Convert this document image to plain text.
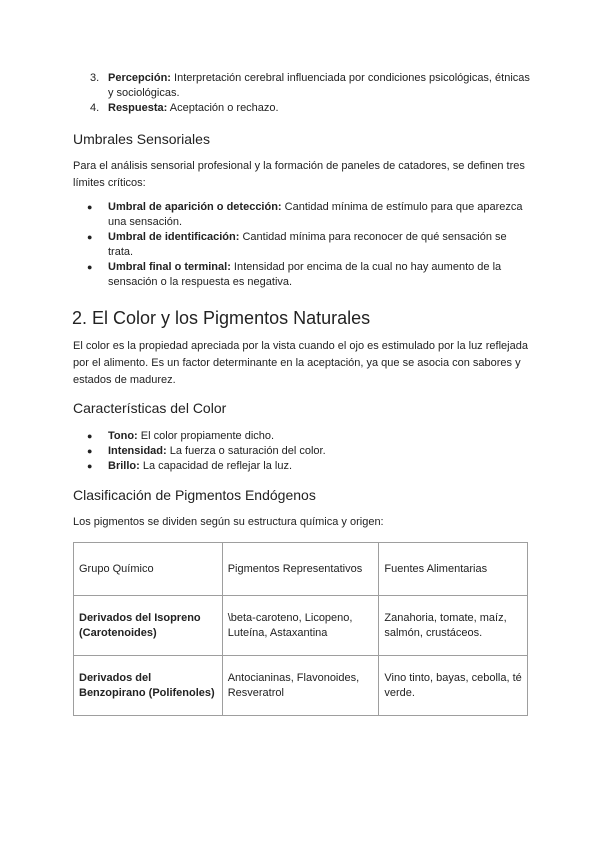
3. Percepción: Interpretación cerebral influenciada por condiciones psicológicas, étnicas y sociológicas.
4. Respuesta: Aceptación o rechazo.
Umbrales Sensoriales
Para el análisis sensorial profesional y la formación de paneles de catadores, se definen tres límites críticos:
●	Umbral de aparición o detección: Cantidad mínima de estímulo para que aparezca una sensación.
●	Umbral de identificación: Cantidad mínima para reconocer de qué sensación se trata.
●	Umbral final o terminal: Intensidad por encima de la cual no hay aumento de la sensación o la respuesta es negativa.
2. El Color y los Pigmentos Naturales
El color es la propiedad apreciada por la vista cuando el ojo es estimulado por la luz reflejada por el alimento. Es un factor determinante en la aceptación, ya que se asocia con sabores y estados de madurez.
Características del Color
●	Tono: El color propiamente dicho.
●	Intensidad: La fuerza o saturación del color.
●	Brillo: La capacidad de reflejar la luz.
Clasificación de Pigmentos Endógenos
Los pigmentos se dividen según su estructura química y origen:
Grupo Químico	Pigmentos Representativos	Fuentes Alimentarias
Derivados del Isopreno (Carotenoides)	\beta-caroteno, Licopeno, Luteína, Astaxantina	Zanahoria, tomate, maíz, salmón, crustáceos.
Derivados del Benzopirano (Polifenoles)	Antocianinas, Flavonoides, Resveratrol	Vino tinto, bayas, cebolla, té verde.
